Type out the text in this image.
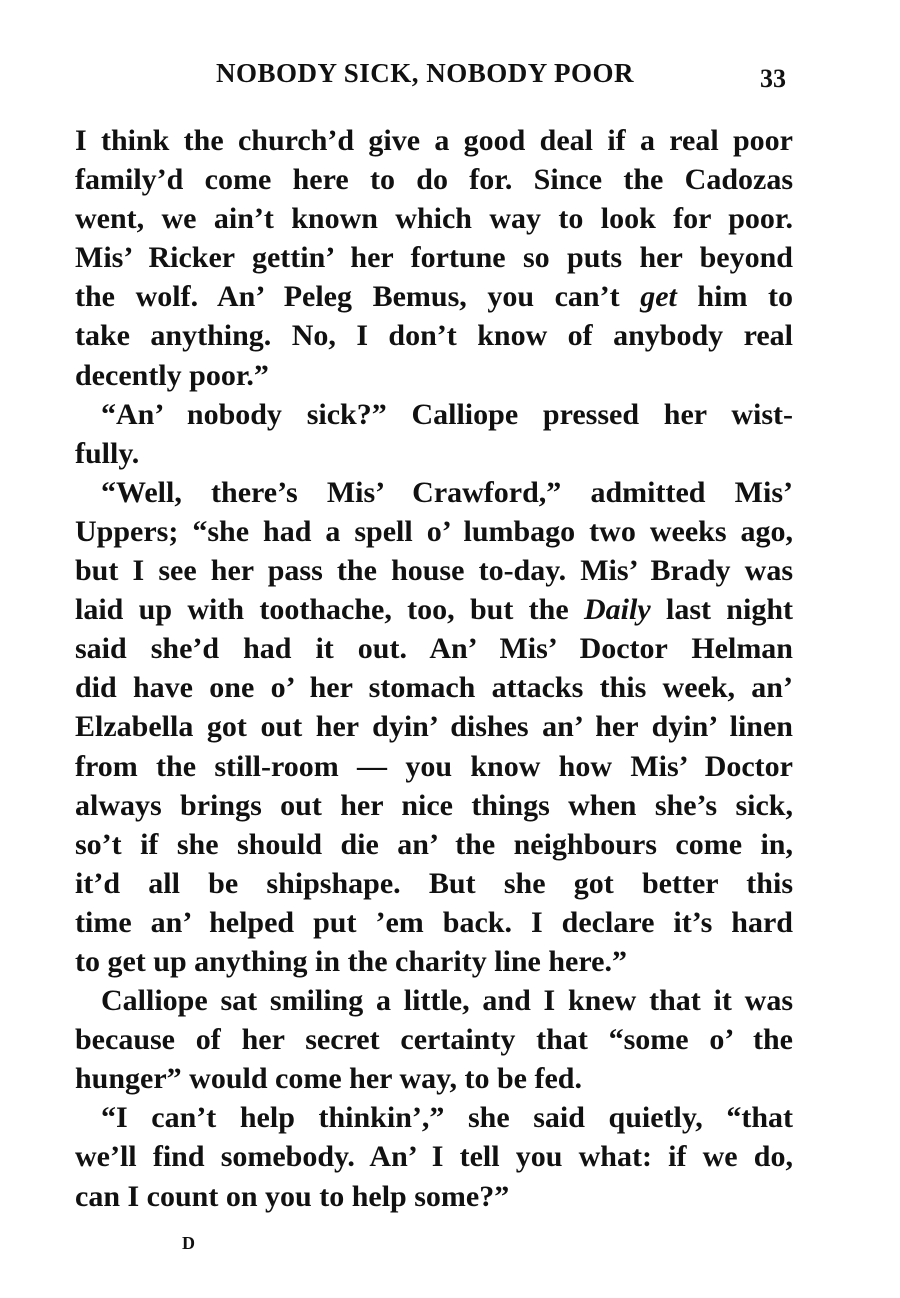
NOBODY SICK, NOBODY POOR	33
I think the church’d give a good deal if a real poor
family’d come here to do for. Since the Cadozas
went, we ain’t known which way to look for poor.
Mis’ Ricker gettin’ her fortune so puts her beyond
the wolf. An’ Peleg Bemus, you can’t get him to
take anything. No, I don’t know of anybody real
decently poor.”
“An’ nobody sick?” Calliope pressed her wist-
fully.
“Well, there’s Mis’ Crawford,” admitted Mis’
Uppers; “she had a spell o’ lumbago two weeks ago,
but I see her pass the house to-day. Mis’ Brady was
laid up with toothache, too, but the Daily last night
said she’d had it out. An’ Mis’ Doctor Helman
did have one o’ her stomach attacks this week, an’
Elzabella got out her dyin’ dishes an’ her dyin’ linen
from the still-room — you know how Mis’ Doctor
always brings out her nice things when she’s sick,
so’t if she should die an’ the neighbours come in,
it’d all be shipshape. But she got better this
time an’ helped put ’em back. I declare it’s hard
to get up anything in the charity line here.”
Calliope sat smiling a little, and I knew that it was
because of her secret certainty that “some o’ the
hunger” would come her way, to be fed.
“I can’t help thinkin’,” she said quietly, “that
we’ll find somebody. An’ I tell you what: if we do,
can I count on you to help some?”
D
